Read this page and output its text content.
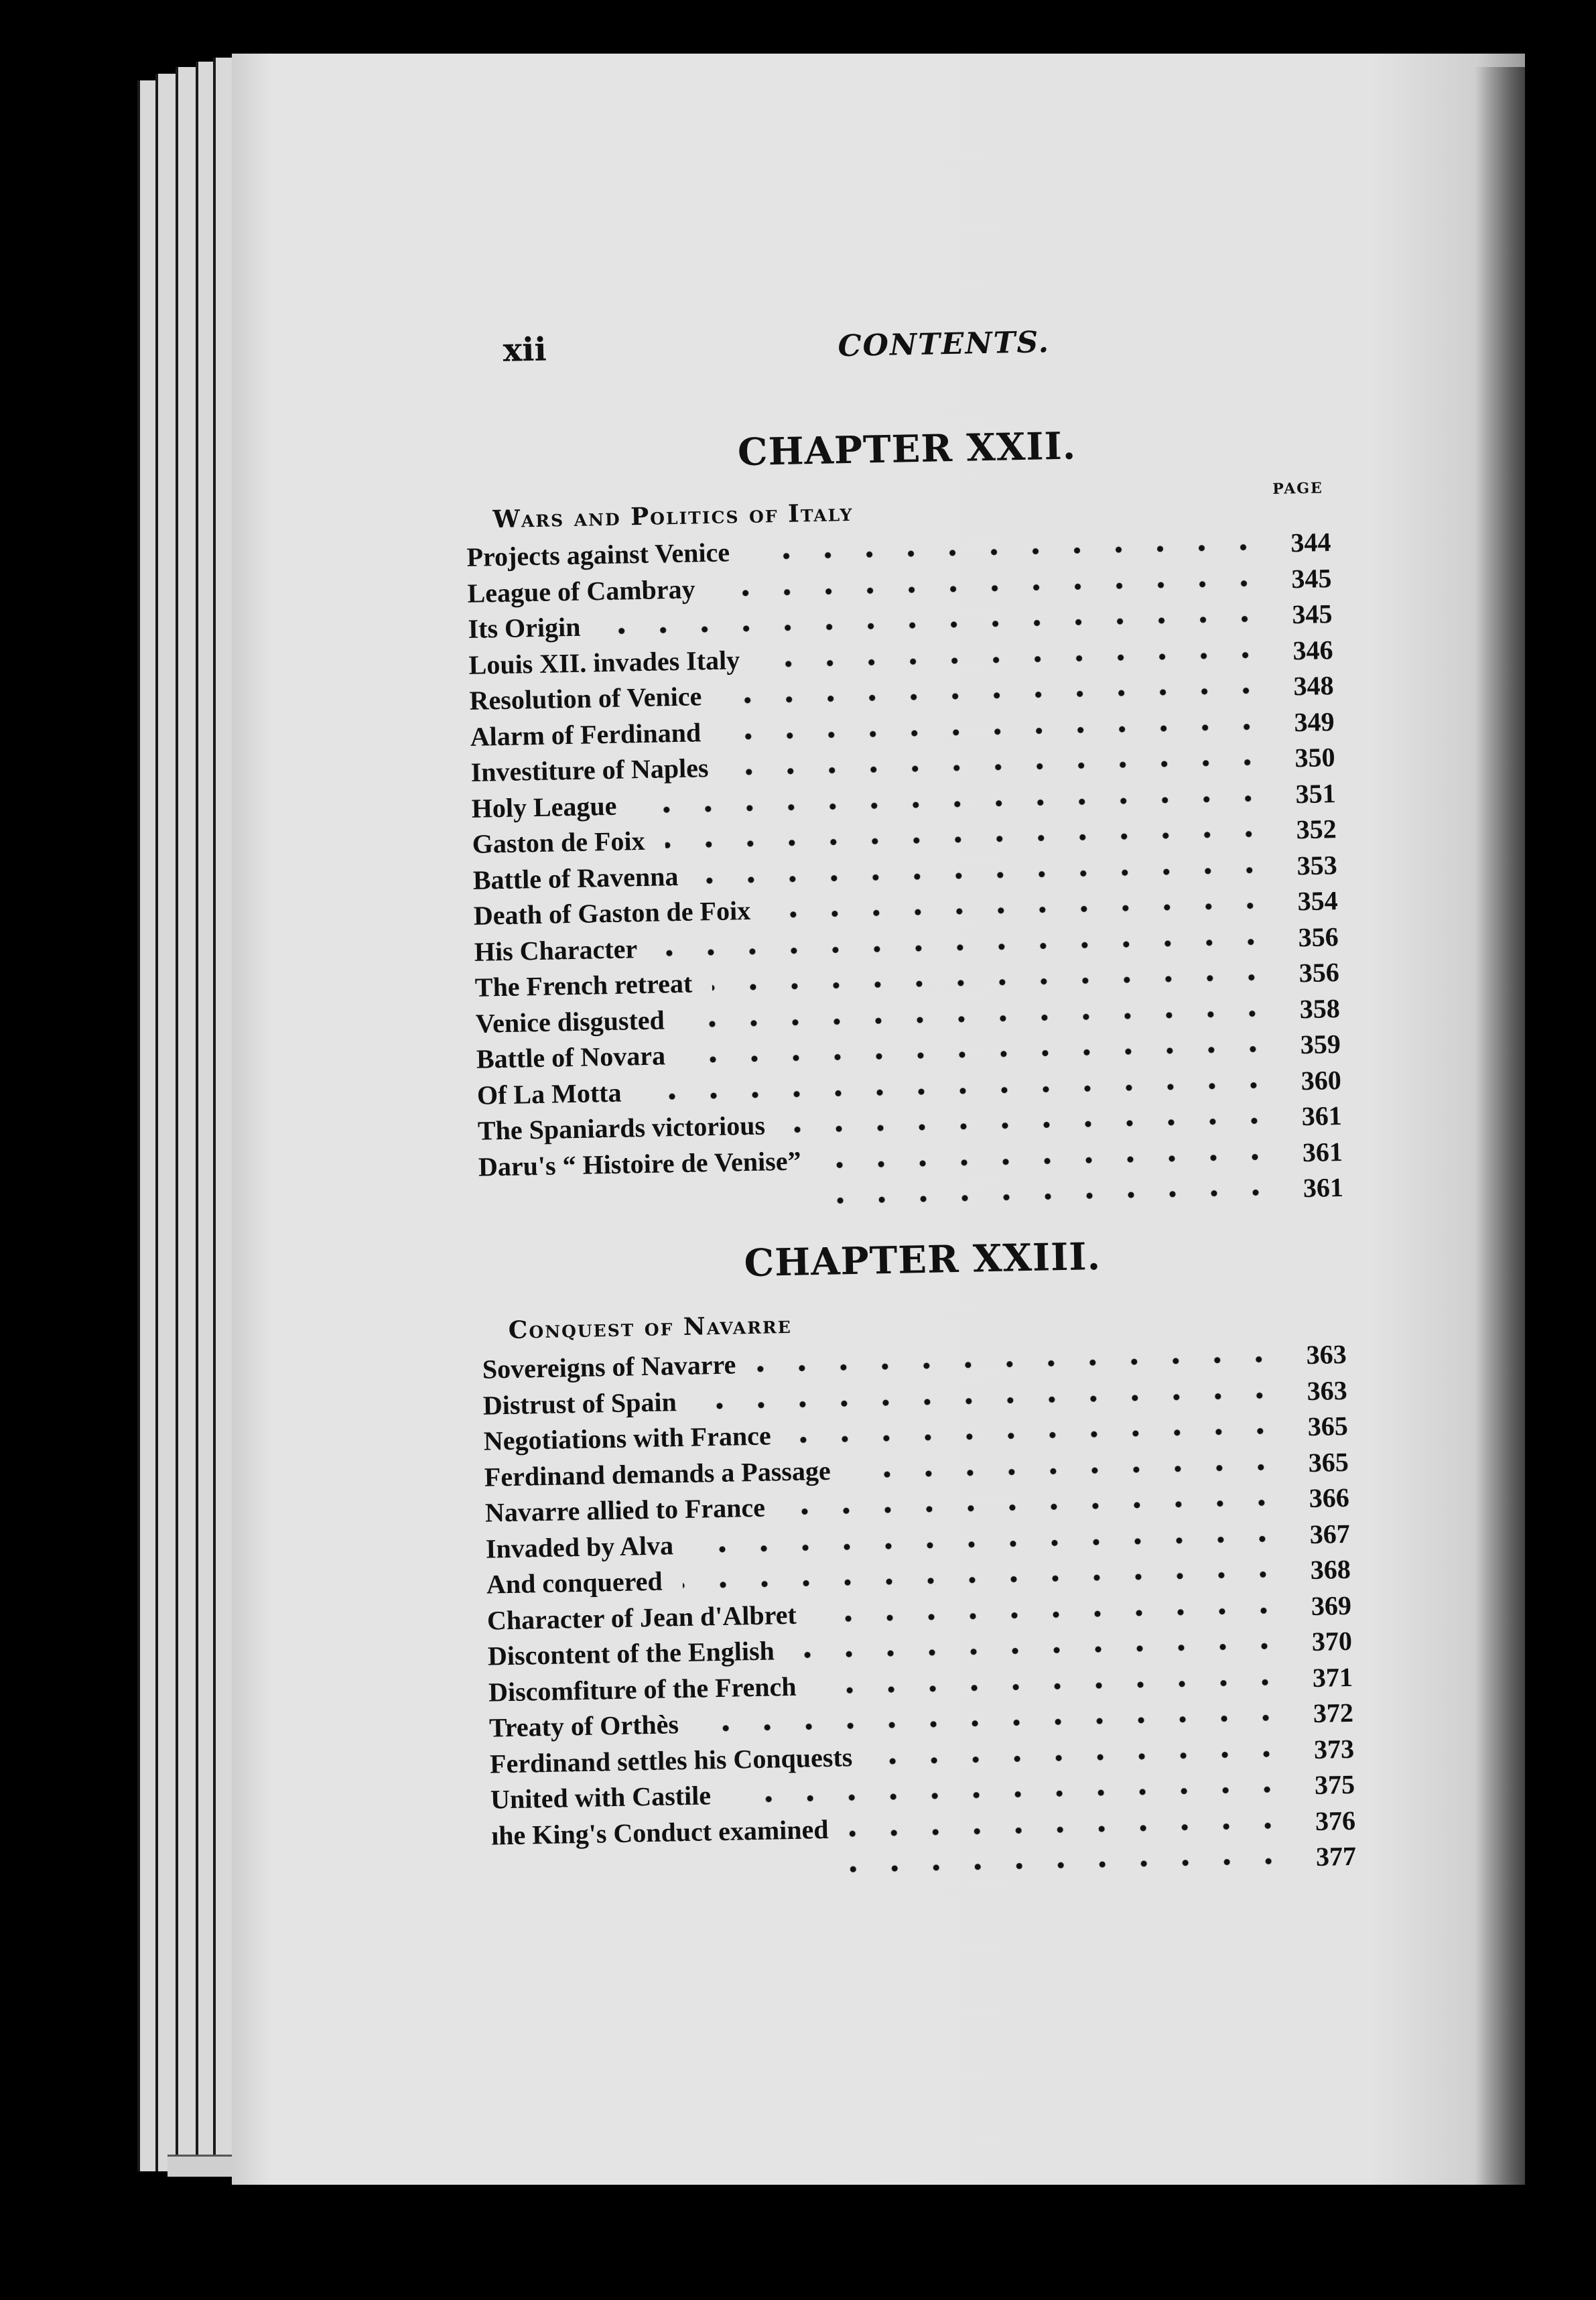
xii	CONTENTS.
CHAPTER XXII.
Wars and Politics of Italy
PAGE
Projects against Venice	344
League of Cambray	345
Its Origin	345
Louis XII. invades Italy	346
Resolution of Venice	348
Alarm of Ferdinand	349
Investiture of Naples	350
Holy League	351
Gaston de Foix	352
Battle of Ravenna	353
Death of Gaston de Foix	354
His Character	356
The French retreat	356
Venice disgusted	358
Battle of Novara	359
Of La Motta	360
The Spaniards victorious	361
Daru's “ Histoire de Venise”	361
361
CHAPTER XXIII.
Conquest of Navarre
Sovereigns of Navarre	363
Distrust of Spain	363
Negotiations with France	365
Ferdinand demands a Passage	365
Navarre allied to France	366
Invaded by Alva	367
And conquered	368
Character of Jean d'Albret	369
Discontent of the English	370
Discomfiture of the French	371
Treaty of Orthès	372
Ferdinand settles his Conquests	373
United with Castile	375
ıhe King's Conduct examined	376
377
